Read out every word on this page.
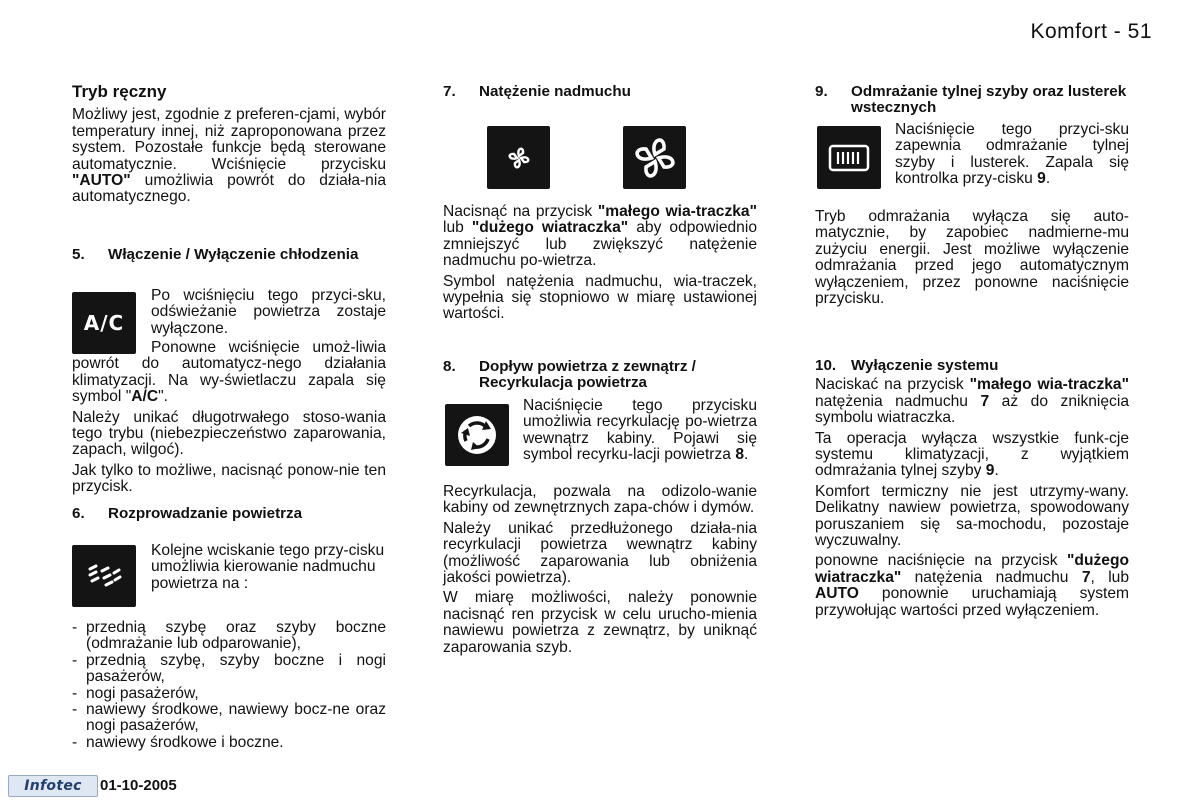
Komfort - 51

Tryb ręczny

Możliwy jest, zgodnie z preferen-cjami, wybór temperatury innej, niż zaproponowana przez system. Pozostałe funkcje będą sterowane automatycznie. Wciśnięcie przycisku "AUTO" umożliwia powrót do działa-nia automatycznego.

5.	Włączenie / Wyłączenie chłodzenia
A/C

Po wciśnięciu tego przyci-sku, odświeżanie powietrza zostaje wyłączone.

Ponowne wciśnięcie umoż-liwia powrót do automatycz-nego działania klimatyzacji. Na wy-świetlaczu zapala się symbol "A/C".

Należy unikać długotrwałego stoso-wania tego trybu (niebezpieczeństwo zaparowania, zapach, wilgoć).

Jak tylko to możliwe, nacisnąć ponow-nie ten przycisk.

6.	Rozprowadzanie powietrza

Kolejne wciskanie tego przy-cisku umożliwia kierowanie nadmuchu powietrza na :

- przednią szybę oraz szyby boczne (odmrażanie lub odparowanie),
- przednią szybę, szyby boczne i nogi pasażerów,
- nogi pasażerów,
- nawiewy środkowe, nawiewy bocz-ne oraz nogi pasażerów,
- nawiewy środkowe i boczne.
7.	Natężenie nadmuchu

Nacisnąć na przycisk "małego wia-traczka" lub "dużego wiatraczka" aby odpowiednio zmniejszyć lub zwiększyć natężenie nadmuchu po-wietrza.

Symbol natężenia nadmuchu, wia-traczek, wypełnia się stopniowo w miarę ustawionej wartości.

8.	Dopływ powietrza z zewnątrz / Recyrkulacja powietrza

Naciśnięcie tego przycisku umożliwia recyrkulację po-wietrza wewnątrz kabiny. Pojawi się symbol recyrku-lacji powietrza 8.

Recyrkulacja, pozwala na odizolo-wanie kabiny od zewnętrznych zapa-chów i dymów.

Należy unikać przedłużonego działa-nia recyrkulacji powietrza wewnątrz kabiny (możliwość zaparowania lub obniżenia jakości powietrza).

W miarę możliwości, należy ponownie nacisnąć ren przycisk w celu urucho-mienia nawiewu powietrza z zewnątrz, by uniknąć zaparowania szyb.

9.	Odmrażanie tylnej szyby oraz lusterek wstecznych

Naciśnięcie tego przyci-sku zapewnia odmrażanie tylnej szyby i lusterek. Zapala się kontrolka przy-cisku 9.

Tryb odmrażania wyłącza się auto-matycznie, by zapobiec nadmierne-mu zużyciu energii. Jest możliwe wyłączenie odmrażania przed jego automatycznym wyłączeniem, przez ponowne naciśnięcie przycisku.

10. Wyłączenie systemu

Naciskać na przycisk "małego wia-traczka" natężenia nadmuchu 7 aż do zniknięcia symbolu wiatraczka.

Ta operacja wyłącza wszystkie funk-cje systemu klimatyzacji, z wyjątkiem odmrażania tylnej szyby 9.

Komfort termiczny nie jest utrzymy-wany. Delikatny nawiew powietrza, spowodowany poruszaniem się sa-mochodu, pozostaje wyczuwalny.

ponowne naciśnięcie na przycisk "dużego wiatraczka" natężenia nadmuchu 7, lub AUTO ponownie uruchamiają system przywołując wartości przed wyłączeniem.

Infotec	01-10-2005
